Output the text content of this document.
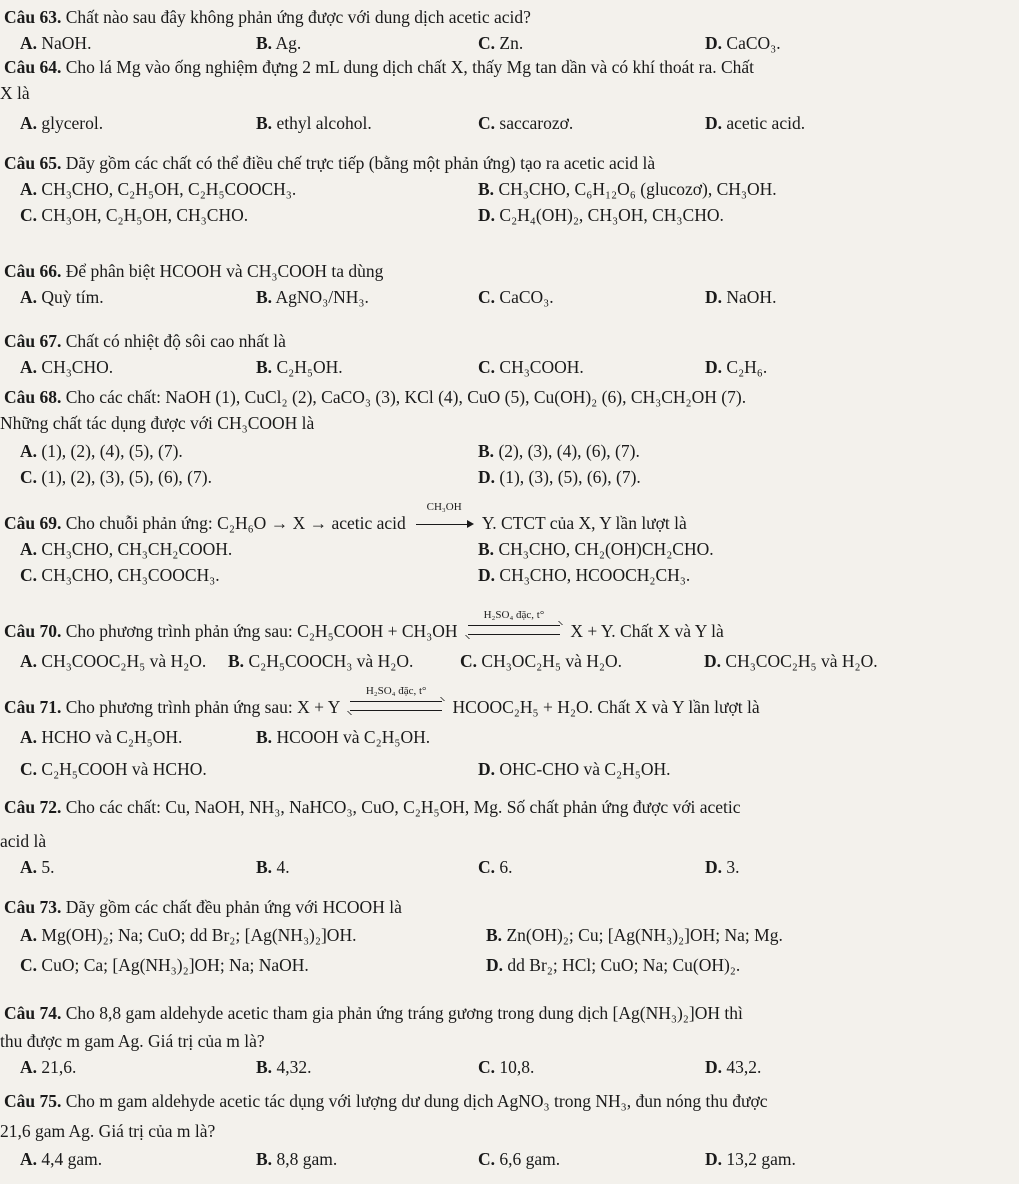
Câu 63. Chất nào sau đây không phản ứng được với dung dịch acetic acid?
A. NaOH.	B. Ag.	C. Zn.	D. CaCO₃.
Câu 64. Cho lá Mg vào ống nghiệm đựng 2 mL dung dịch chất X, thấy Mg tan dần và có khí thoát ra. Chất
X là
A. glycerol.	B. ethyl alcohol.	C. saccarozơ.	D. acetic acid.
Câu 65. Dãy gồm các chất có thể điều chế trực tiếp (bằng một phản ứng) tạo ra acetic acid là
A. CH₃CHO, C₂H₅OH, C₂H₅COOCH₃.	B. CH₃CHO, C₆H₁₂O₆ (glucozơ), CH₃OH.
C. CH₃OH, C₂H₅OH, CH₃CHO.	D. C₂H₄(OH)₂, CH₃OH, CH₃CHO.
Câu 66. Để phân biệt HCOOH và CH₃COOH ta dùng
A. Quỳ tím.	B. AgNO₃/NH₃.	C. CaCO₃.	D. NaOH.
Câu 67. Chất có nhiệt độ sôi cao nhất là
A. CH₃CHO.	B. C₂H₅OH.	C. CH₃COOH.	D. C₂H₆.
Câu 68. Cho các chất: NaOH (1), CuCl₂ (2), CaCO₃ (3), KCl (4), CuO (5), Cu(OH)₂ (6), CH₃CH₂OH (7).
Những chất tác dụng được với CH₃COOH là
A. (1), (2), (4), (5), (7).	B. (2), (3), (4), (6), (7).
C. (1), (2), (3), (5), (6), (7).	D. (1), (3), (5), (6), (7).
Câu 69. Cho chuỗi phản ứng: C₂H₆O → X → acetic acid
CH₃OH
Y. CTCT của X, Y lần lượt là
A. CH₃CHO, CH₃CH₂COOH.	B. CH₃CHO, CH₂(OH)CH₂CHO.
C. CH₃CHO, CH₃COOCH₃.	D. CH₃CHO, HCOOCH₂CH₃.
Câu 70. Cho phương trình phản ứng sau: C₂H₅COOH + CH₃OH
H₂SO₄ đặc, t°
X + Y. Chất X và Y là
A. CH₃COOC₂H₅ và H₂O. B. C₂H₅COOCH₃ và H₂O.	C. CH₃OC₂H₅ và H₂O.	D. CH₃COC₂H₅ và H₂O.
Câu 71. Cho phương trình phản ứng sau: X + Y
H₂SO₄ đặc, t°
HCOOC₂H₅ + H₂O. Chất X và Y lần lượt là
A. HCHO và C₂H₅OH.	B. HCOOH và C₂H₅OH.
C. C₂H₅COOH và HCHO.	D. OHC-CHO và C₂H₅OH.
Câu 72. Cho các chất: Cu, NaOH, NH₃, NaHCO₃, CuO, C₂H₅OH, Mg. Số chất phản ứng được với acetic
acid là
A. 5.	B. 4.	C. 6.	D. 3.
Câu 73. Dãy gồm các chất đều phản ứng với HCOOH là
A. Mg(OH)₂; Na; CuO; dd Br₂; [Ag(NH₃)₂]OH.	B. Zn(OH)₂; Cu; [Ag(NH₃)₂]OH; Na; Mg.
C. CuO; Ca; [Ag(NH₃)₂]OH; Na; NaOH.	D. dd Br₂; HCl; CuO; Na; Cu(OH)₂.
Câu 74. Cho 8,8 gam aldehyde acetic tham gia phản ứng tráng gương trong dung dịch [Ag(NH₃)₂]OH thì
thu được m gam Ag. Giá trị của m là?
A. 21,6.	B. 4,32.	C. 10,8.	D. 43,2.
Câu 75. Cho m gam aldehyde acetic tác dụng với lượng dư dung dịch AgNO₃ trong NH₃, đun nóng thu được
21,6 gam Ag. Giá trị của m là?
A. 4,4 gam.	B. 8,8 gam.	C. 6,6 gam.	D. 13,2 gam.
